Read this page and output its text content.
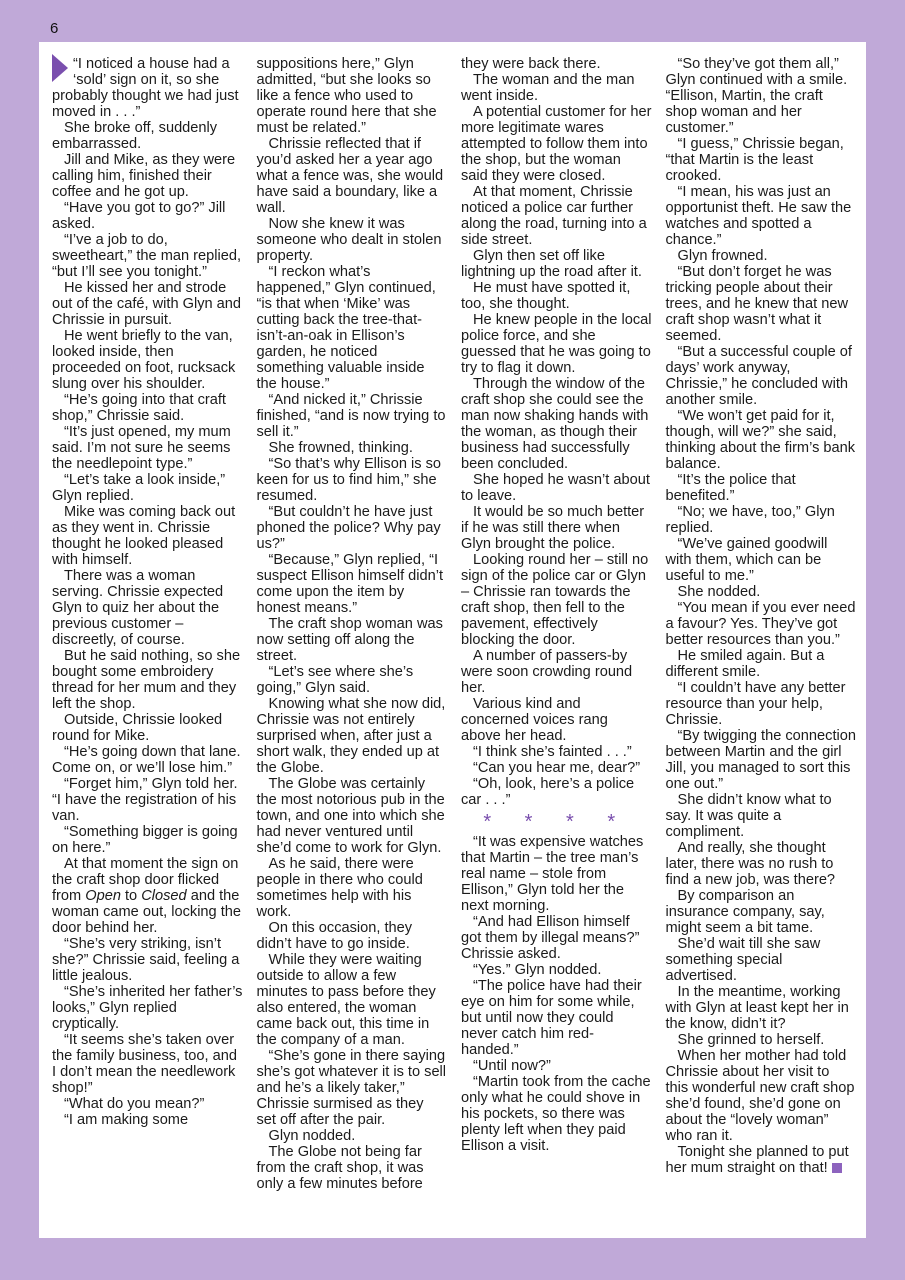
6

“I noticed a house had a ‘sold’ sign on it, so she probably thought we had just moved in . . .”

She broke off, suddenly embarrassed.

Jill and Mike, as they were calling him, finished their coffee and he got up.

“Have you got to go?” Jill asked.

“I’ve a job to do, sweetheart,” the man replied, “but I’ll see you tonight.”

He kissed her and strode out of the café, with Glyn and Chrissie in pursuit.

He went briefly to the van, looked inside, then proceeded on foot, rucksack slung over his shoulder.

“He’s going into that craft shop,” Chrissie said.

“It’s just opened, my mum said. I’m not sure he seems the needlepoint type.”

“Let’s take a look inside,” Glyn replied.

Mike was coming back out as they went in. Chrissie thought he looked pleased with himself.

There was a woman serving. Chrissie expected Glyn to quiz her about the previous customer – discreetly, of course.

But he said nothing, so she bought some embroidery thread for her mum and they left the shop.

Outside, Chrissie looked round for Mike.

“He’s going down that lane. Come on, or we’ll lose him.”

“Forget him,” Glyn told her. “I have the registration of his van.

“Something bigger is going on here.”

At that moment the sign on the craft shop door flicked from Open to Closed and the woman came out, locking the door behind her.

“She’s very striking, isn’t she?” Chrissie said, feeling a little jealous.

“She’s inherited her father’s looks,” Glyn replied cryptically.

“It seems she’s taken over the family business, too, and I don’t mean the needlework shop!”

“What do you mean?”

“I am making some

suppositions here,” Glyn admitted, “but she looks so like a fence who used to operate round here that she must be related.”

Chrissie reflected that if you’d asked her a year ago what a fence was, she would have said a boundary, like a wall.

Now she knew it was someone who dealt in stolen property.

“I reckon what’s happened,” Glyn continued, “is that when ‘Mike’ was cutting back the tree-that-isn’t-an-oak in Ellison’s garden, he noticed something valuable inside the house.”

“And nicked it,” Chrissie finished, “and is now trying to sell it.”

She frowned, thinking.

“So that’s why Ellison is so keen for us to find him,” she resumed.

“But couldn’t he have just phoned the police? Why pay us?”

“Because,” Glyn replied, “I suspect Ellison himself didn’t come upon the item by honest means.”

The craft shop woman was now setting off along the street.

“Let’s see where she’s going,” Glyn said.

Knowing what she now did, Chrissie was not entirely surprised when, after just a short walk, they ended up at the Globe.

The Globe was certainly the most notorious pub in the town, and one into which she had never ventured until she’d come to work for Glyn.

As he said, there were people in there who could sometimes help with his work.

On this occasion, they didn’t have to go inside.

While they were waiting outside to allow a few minutes to pass before they also entered, the woman came back out, this time in the company of a man.

“She’s gone in there saying she’s got whatever it is to sell and he’s a likely taker,” Chrissie surmised as they set off after the pair.

Glyn nodded.

The Globe not being far from the craft shop, it was only a few minutes before

they were back there.

The woman and the man went inside.

A potential customer for her more legitimate wares attempted to follow them into the shop, but the woman said they were closed.

At that moment, Chrissie noticed a police car further along the road, turning into a side street.

Glyn then set off like lightning up the road after it.

He must have spotted it, too, she thought.

He knew people in the local police force, and she guessed that he was going to try to flag it down.

Through the window of the craft shop she could see the man now shaking hands with the woman, as though their business had successfully been concluded.

She hoped he wasn’t about to leave.

It would be so much better if he was still there when Glyn brought the police.

Looking round her – still no sign of the police car or Glyn – Chrissie ran towards the craft shop, then fell to the pavement, effectively blocking the door.

A number of passers-by were soon crowding round her.

Various kind and concerned voices rang above her head.

“I think she’s fainted . . .”

“Can you hear me, dear?”

“Oh, look, here’s a police car . . .”

* * * *

“It was expensive watches that Martin – the tree man’s real name – stole from Ellison,” Glyn told her the next morning.

“And had Ellison himself got them by illegal means?” Chrissie asked.

“Yes.” Glyn nodded.

“The police have had their eye on him for some while, but until now they could never catch him red-handed.”

“Until now?”

“Martin took from the cache only what he could shove in his pockets, so there was plenty left when they paid Ellison a visit.

“So they’ve got them all,” Glyn continued with a smile. “Ellison, Martin, the craft shop woman and her customer.”

“I guess,” Chrissie began, “that Martin is the least crooked.

“I mean, his was just an opportunist theft. He saw the watches and spotted a chance.”

Glyn frowned.

“But don’t forget he was tricking people about their trees, and he knew that new craft shop wasn’t what it seemed.

“But a successful couple of days’ work anyway, Chrissie,” he concluded with another smile.

“We won’t get paid for it, though, will we?” she said, thinking about the firm’s bank balance.

“It’s the police that benefited.”

“No; we have, too,” Glyn replied.

“We’ve gained goodwill with them, which can be useful to me.”

She nodded.

“You mean if you ever need a favour? Yes. They’ve got better resources than you.”

He smiled again. But a different smile.

“I couldn’t have any better resource than your help, Chrissie.

“By twigging the connection between Martin and the girl Jill, you managed to sort this one out.”

She didn’t know what to say. It was quite a compliment.

And really, she thought later, there was no rush to find a new job, was there?

By comparison an insurance company, say, might seem a bit tame.

She’d wait till she saw something special advertised.

In the meantime, working with Glyn at least kept her in the know, didn’t it?

She grinned to herself.

When her mother had told Chrissie about her visit to this wonderful new craft shop she’d found, she’d gone on about the “lovely woman” who ran it.

Tonight she planned to put her mum straight on that!
